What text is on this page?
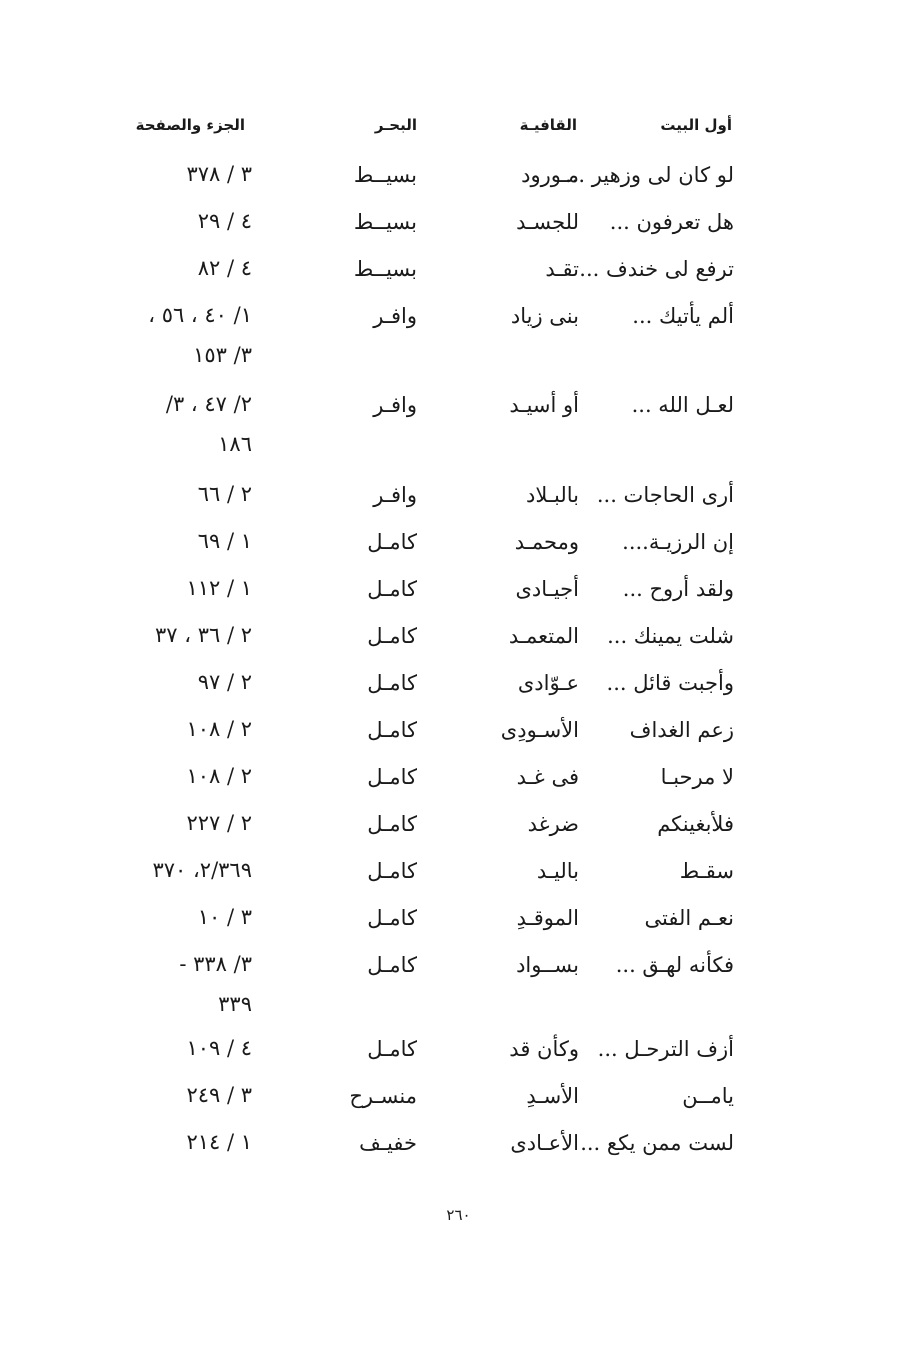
أول البيت
القافيـة
البحـر
الجزء والصفحة
لو كان لى وزهير ...
مـورود
بسيــط
٣ / ٣٧٨
هل تعرفون ...
للجسـد
بسيــط
٤ / ٢٩
ترفع لى خندف ...
تقـد
بسيــط
٤ / ٨٢
ألم يأتيك ...
بنى زياد
وافـر
١/ ٤٠ ، ٥٦ ،
٣/ ١٥٣
لعـل الله ...
أو أسيـد
وافـر
٢/ ٤٧ ، ٣/
١٨٦
أرى الحاجات ...
بالبـلاد
وافـر
٢ / ٦٦
إن الرزيـة....
ومحمـد
كامـل
١ / ٦٩
ولقد أروح ...
أجيـادى
كامـل
١ / ١١٢
شلت يمينك ...
المتعمـد
كامـل
٢ / ٣٦ ، ٣٧
وأجبت قائل ...
عـوّادى
كامـل
٢ / ٩٧
زعم الغداف
الأسـودِى
كامـل
٢ / ١٠٨
لا مرحبـا
فى غـد
كامـل
٢ / ١٠٨
فلأبغينكم
ضرغد
كامـل
٢ / ٢٢٧
سقـط
باليـد
كامـل
٢/٣٦٩، ٣٧٠
نعـم الفتى
الموقـدِ
كامـل
٣ / ١٠
فكأنه لهـق ...
بســواد
كامـل
٣/ ٣٣٨ -
٣٣٩
أزف الترحـل ...
وكأن قد
كامـل
٤ / ١٠٩
يامــن
الأسـدِ
منسـرح
٣ / ٢٤٩
لست ممن يكع ...
الأعـادى
خفيـف
١ / ٢١٤
٢٦٠
